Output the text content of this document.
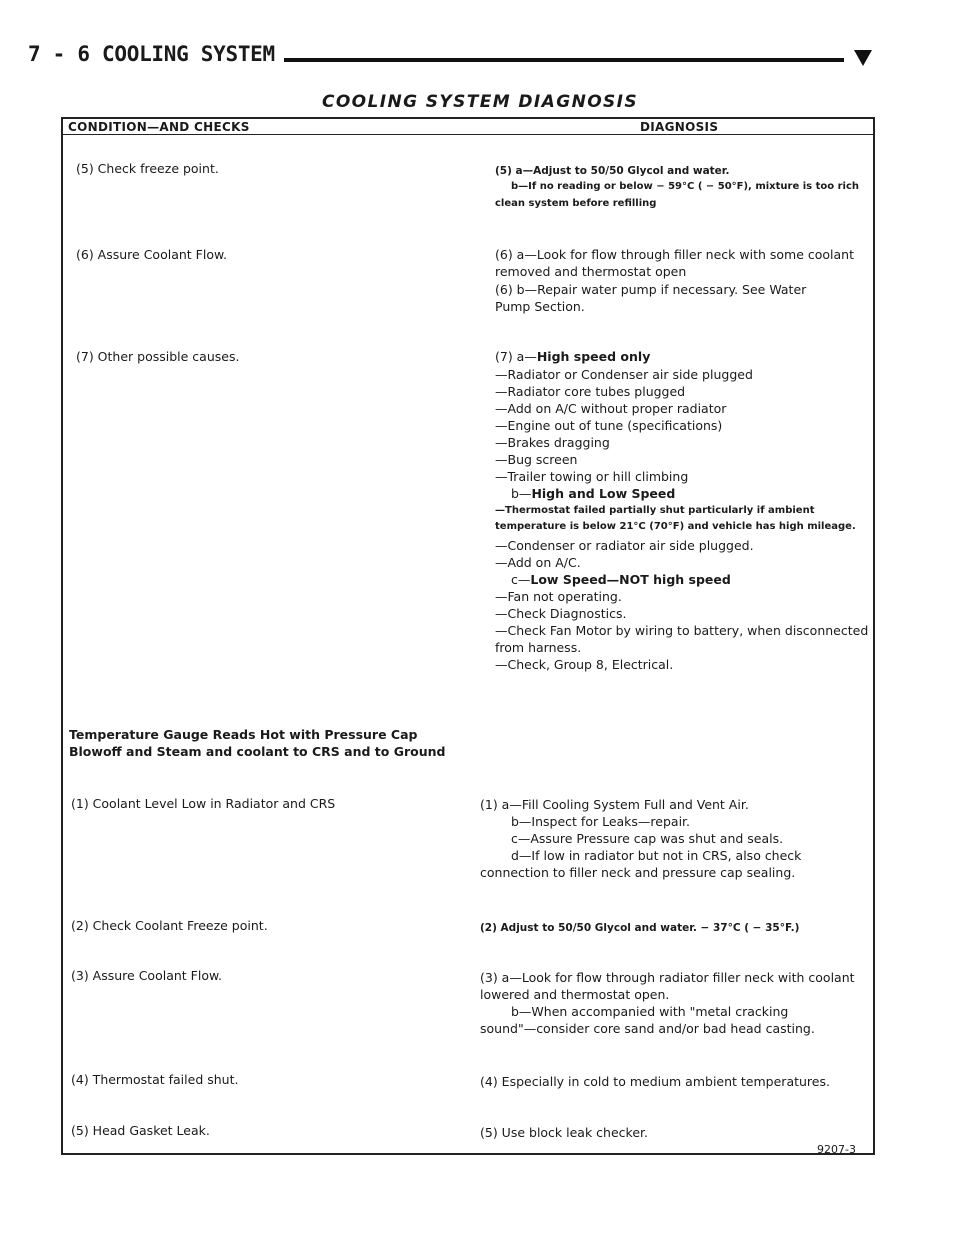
7 - 6 COOLING SYSTEM
COOLING SYSTEM DIAGNOSIS
CONDITION—AND CHECKS	DIAGNOSIS
(5) Check freeze point.	(5) a—Adjust to 50/50 Glycol and water.
b—If no reading or below − 59°C ( − 50°F), mixture is too rich
clean system before refilling
(6) Assure Coolant Flow.	(6) a—Look for flow through filler neck with some coolant
removed and thermostat open
(6) b—Repair water pump if necessary. See Water
Pump Section.
(7) Other possible causes.	(7) a—High speed only
—Radiator or Condenser air side plugged
—Radiator core tubes plugged
—Add on A/C without proper radiator
—Engine out of tune (specifications)
—Brakes dragging
—Bug screen
—Trailer towing or hill climbing
b—High and Low Speed
—Thermostat failed partially shut particularly if ambient
temperature is below 21°C (70°F) and vehicle has high mileage.
—Condenser or radiator air side plugged.
—Add on A/C.
c—Low Speed—NOT high speed
—Fan not operating.
—Check Diagnostics.
—Check Fan Motor by wiring to battery, when disconnected
from harness.
—Check, Group 8, Electrical.
Temperature Gauge Reads Hot with Pressure Cap
Blowoff and Steam and coolant to CRS and to Ground
(1) Coolant Level Low in Radiator and CRS	(1) a—Fill Cooling System Full and Vent Air.
b—Inspect for Leaks—repair.
c—Assure Pressure cap was shut and seals.
d—If low in radiator but not in CRS, also check
connection to filler neck and pressure cap sealing.
(2) Check Coolant Freeze point.	(2) Adjust to 50/50 Glycol and water. − 37°C ( − 35°F.)
(3) Assure Coolant Flow.	(3) a—Look for flow through radiator filler neck with coolant
lowered and thermostat open.
b—When accompanied with "metal cracking
sound"—consider core sand and/or bad head casting.
(4) Thermostat failed shut.	(4) Especially in cold to medium ambient temperatures.
(5) Head Gasket Leak.	(5) Use block leak checker.
9207-3
